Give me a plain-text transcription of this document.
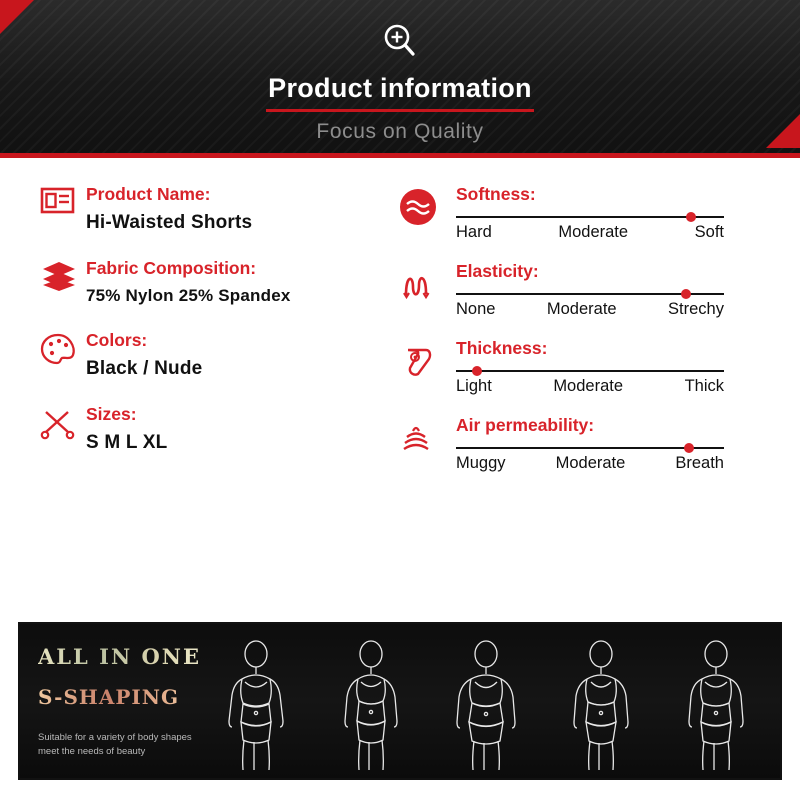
Product information
Focus on Quality
Product Name:
Hi-Waisted Shorts
Fabric Composition:
75% Nylon 25% Spandex
Colors:
Black / Nude
Sizes:
S M L XL
Softness:
Hard	Moderate	Soft
Elasticity:
None	Moderate	Strechy
Thickness:
Light	Moderate	Thick
Air permeability:
Muggy	Moderate	Breath
ALL IN ONE
S-SHAPING
Suitable for a variety of body shapes meet the needs of beauty
